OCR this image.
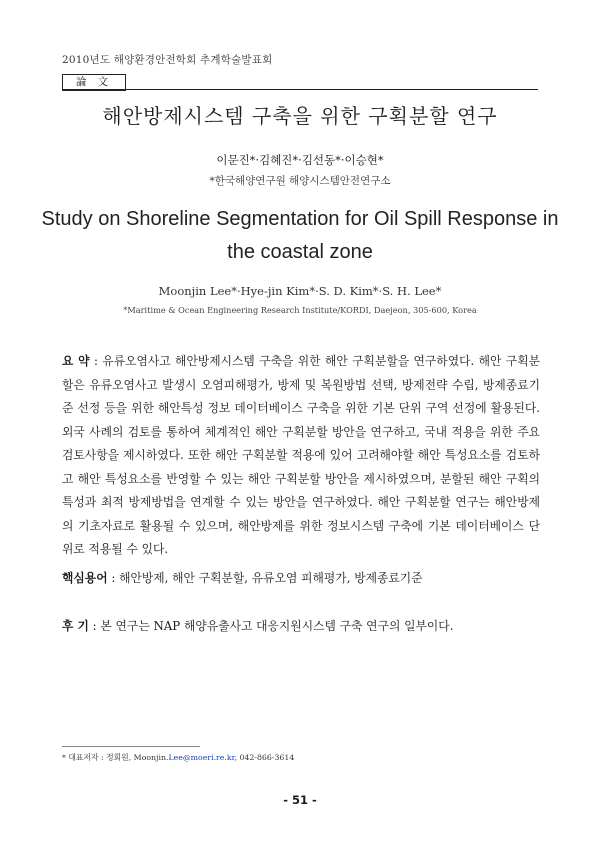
2010년도 해양환경안전학회 추계학술발표회
論 文
해안방제시스템 구축을 위한 구획분할 연구
이문진*·김혜진*·김선동*·이승현*
*한국해양연구원 해양시스템안전연구소
Study on Shoreline Segmentation for Oil Spill Response in the coastal zone
Moonjin Lee*·Hye-jin Kim*·S. D. Kim*·S. H. Lee*
*Maritime & Ocean Engineering Research Institute/KORDI, Daejeon, 305-600, Korea
요 약 : 유류오염사고 해안방제시스템 구축을 위한 해안 구획분할을 연구하였다. 해안 구획분할은 유류오염사고 발생시 오염피해평가, 방제 및 복원방법 선택, 방제전략 수립, 방제종료기준 선정 등을 위한 해안특성 정보 데이터베이스 구축을 위한 기본 단위 구역 선정에 활용된다. 외국 사례의 검토를 통하여 체계적인 해안 구획분할 방안을 연구하고, 국내 적용을 위한 주요 검토사항을 제시하였다. 또한 해안 구획분할 적용에 있어 고려해야할 해안 특성요소를 검토하고 해안 특성요소를 반영할 수 있는 해안 구획분할 방안을 제시하였으며, 분할된 해안 구획의 특성과 최적 방제방법을 연계할 수 있는 방안을 연구하였다. 해안 구획분할 연구는 해안방제의 기초자료로 활용될 수 있으며, 해안방제를 위한 정보시스템 구축에 기본 데이터베이스 단위로 적용될 수 있다.
핵심용어 : 해안방제, 해안 구획분할, 유류오염 피해평가, 방제종료기준
후 기 : 본 연구는 NAP 해양유출사고 대응지원시스템 구축 연구의 일부이다.
* 대표저자 : 정회원, Moonjin.Lee@moeri.re.kr, 042-866-3614
- 51 -
